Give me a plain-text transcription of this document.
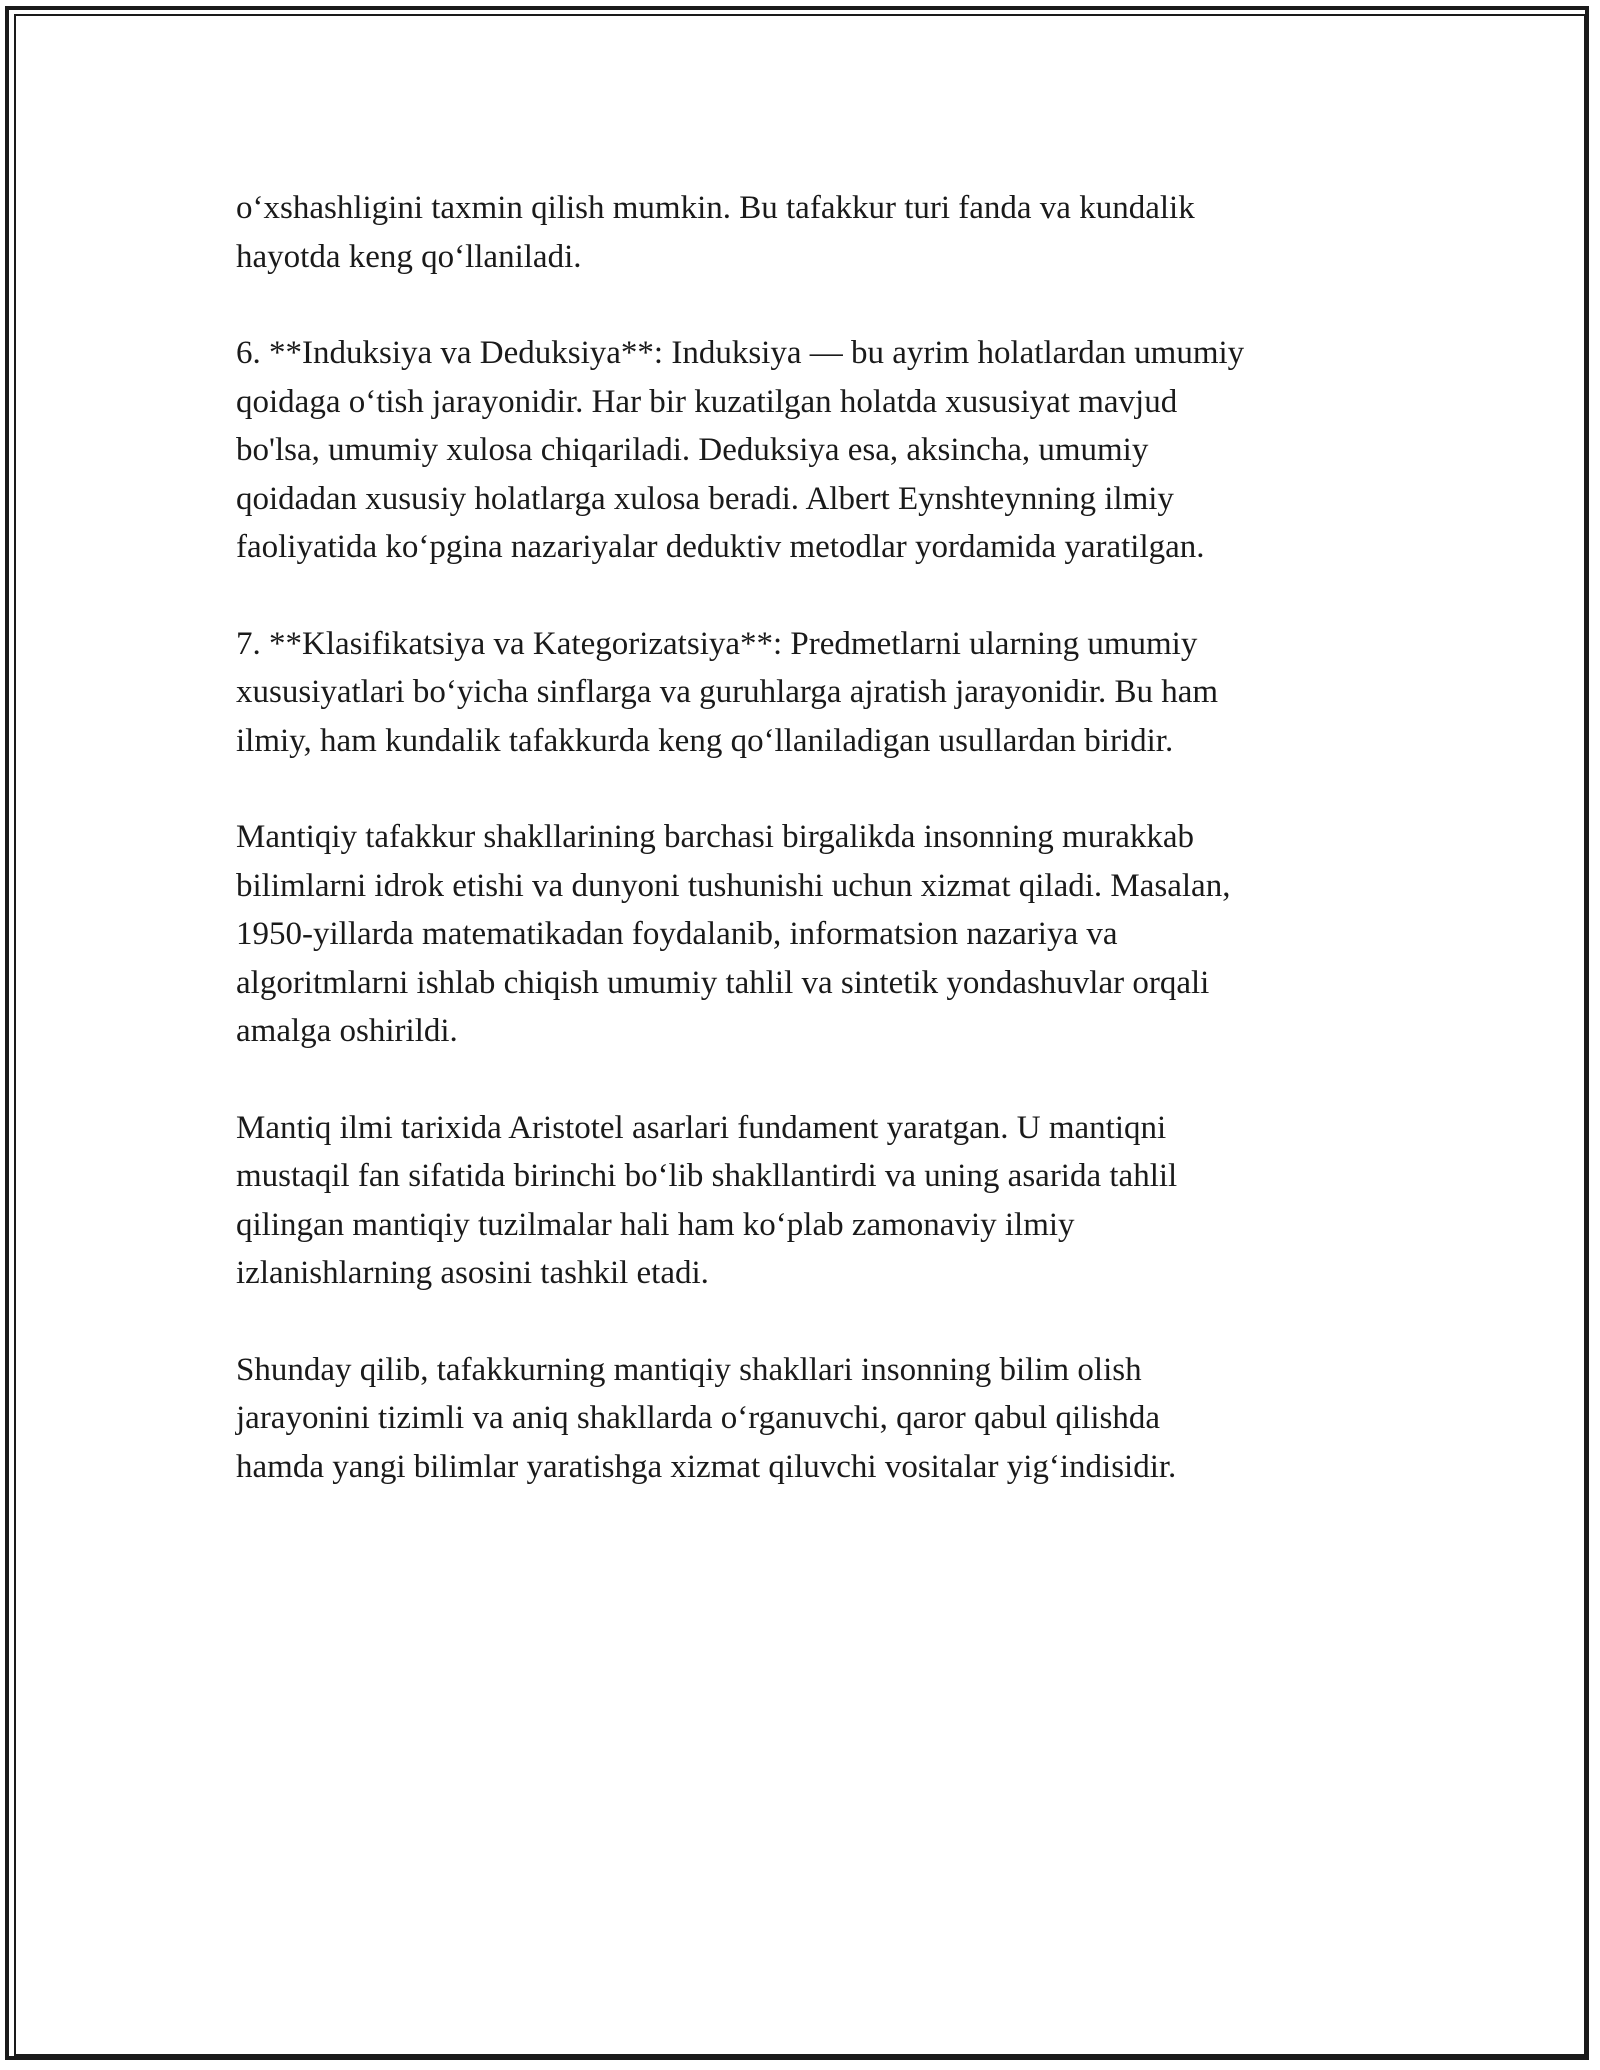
o‘xshashligini taxmin qilish mumkin. Bu tafakkur turi fanda va kundalik
hayotda keng qo‘llaniladi.

6. **Induksiya va Deduksiya**: Induksiya — bu ayrim holatlardan umumiy
qoidaga o‘tish jarayonidir. Har bir kuzatilgan holatda xususiyat mavjud
bo'lsa, umumiy xulosa chiqariladi. Deduksiya esa, aksincha, umumiy
qoidadan xususiy holatlarga xulosa beradi. Albert Eynshteynning ilmiy
faoliyatida ko‘pgina nazariyalar deduktiv metodlar yordamida yaratilgan.

7. **Klasifikatsiya va Kategorizatsiya**: Predmetlarni ularning umumiy
xususiyatlari bo‘yicha sinflarga va guruhlarga ajratish jarayonidir. Bu ham
ilmiy, ham kundalik tafakkurda keng qo‘llaniladigan usullardan biridir.

Mantiqiy tafakkur shakllarining barchasi birgalikda insonning murakkab
bilimlarni idrok etishi va dunyoni tushunishi uchun xizmat qiladi. Masalan,
1950-yillarda matematikadan foydalanib, informatsion nazariya va
algoritmlarni ishlab chiqish umumiy tahlil va sintetik yondashuvlar orqali
amalga oshirildi.

Mantiq ilmi tarixida Aristotel asarlari fundament yaratgan. U mantiqni
mustaqil fan sifatida birinchi bo‘lib shakllantirdi va uning asarida tahlil
qilingan mantiqiy tuzilmalar hali ham ko‘plab zamonaviy ilmiy
izlanishlarning asosini tashkil etadi.

Shunday qilib, tafakkurning mantiqiy shakllari insonning bilim olish
jarayonini tizimli va aniq shakllarda o‘rganuvchi, qaror qabul qilishda
hamda yangi bilimlar yaratishga xizmat qiluvchi vositalar yig‘indisidir.
